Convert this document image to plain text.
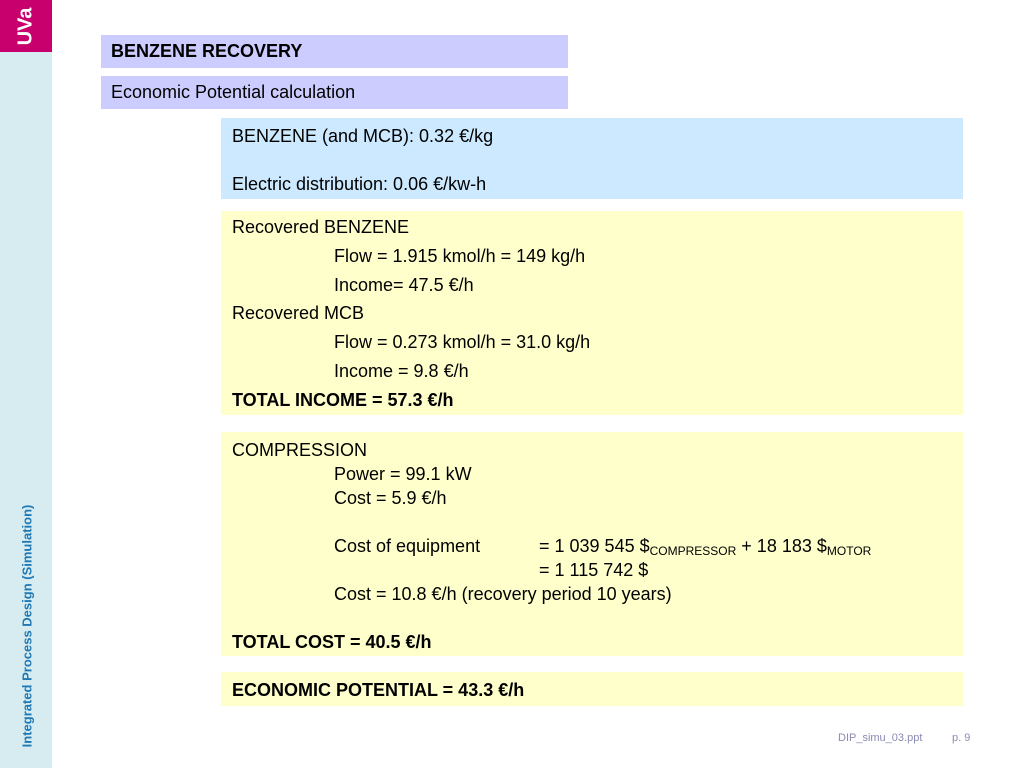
UVa
Integrated Process Design (Simulation)
BENZENE RECOVERY
Economic Potential calculation
BENZENE (and MCB): 0.32 €/kg
Electric distribution: 0.06 €/kw-h
Recovered BENZENE
Flow = 1.915 kmol/h = 149 kg/h
Income= 47.5 €/h
Recovered MCB
Flow = 0.273 kmol/h = 31.0 kg/h
Income = 9.8 €/h
TOTAL INCOME = 57.3 €/h
COMPRESSION
Power = 99.1 kW
Cost = 5.9 €/h
Cost of equipment	= 1 039 545 $\$_{COMPRESSOR} + 18$ 183 $\$_{MOTOR}$
= 1 115 742 $
Cost = 10.8 €/h (recovery period 10 years)
TOTAL COST = 40.5 €/h
ECONOMIC POTENTIAL = 43.3 €/h
DIP_simu_03.ppt	p. 9
